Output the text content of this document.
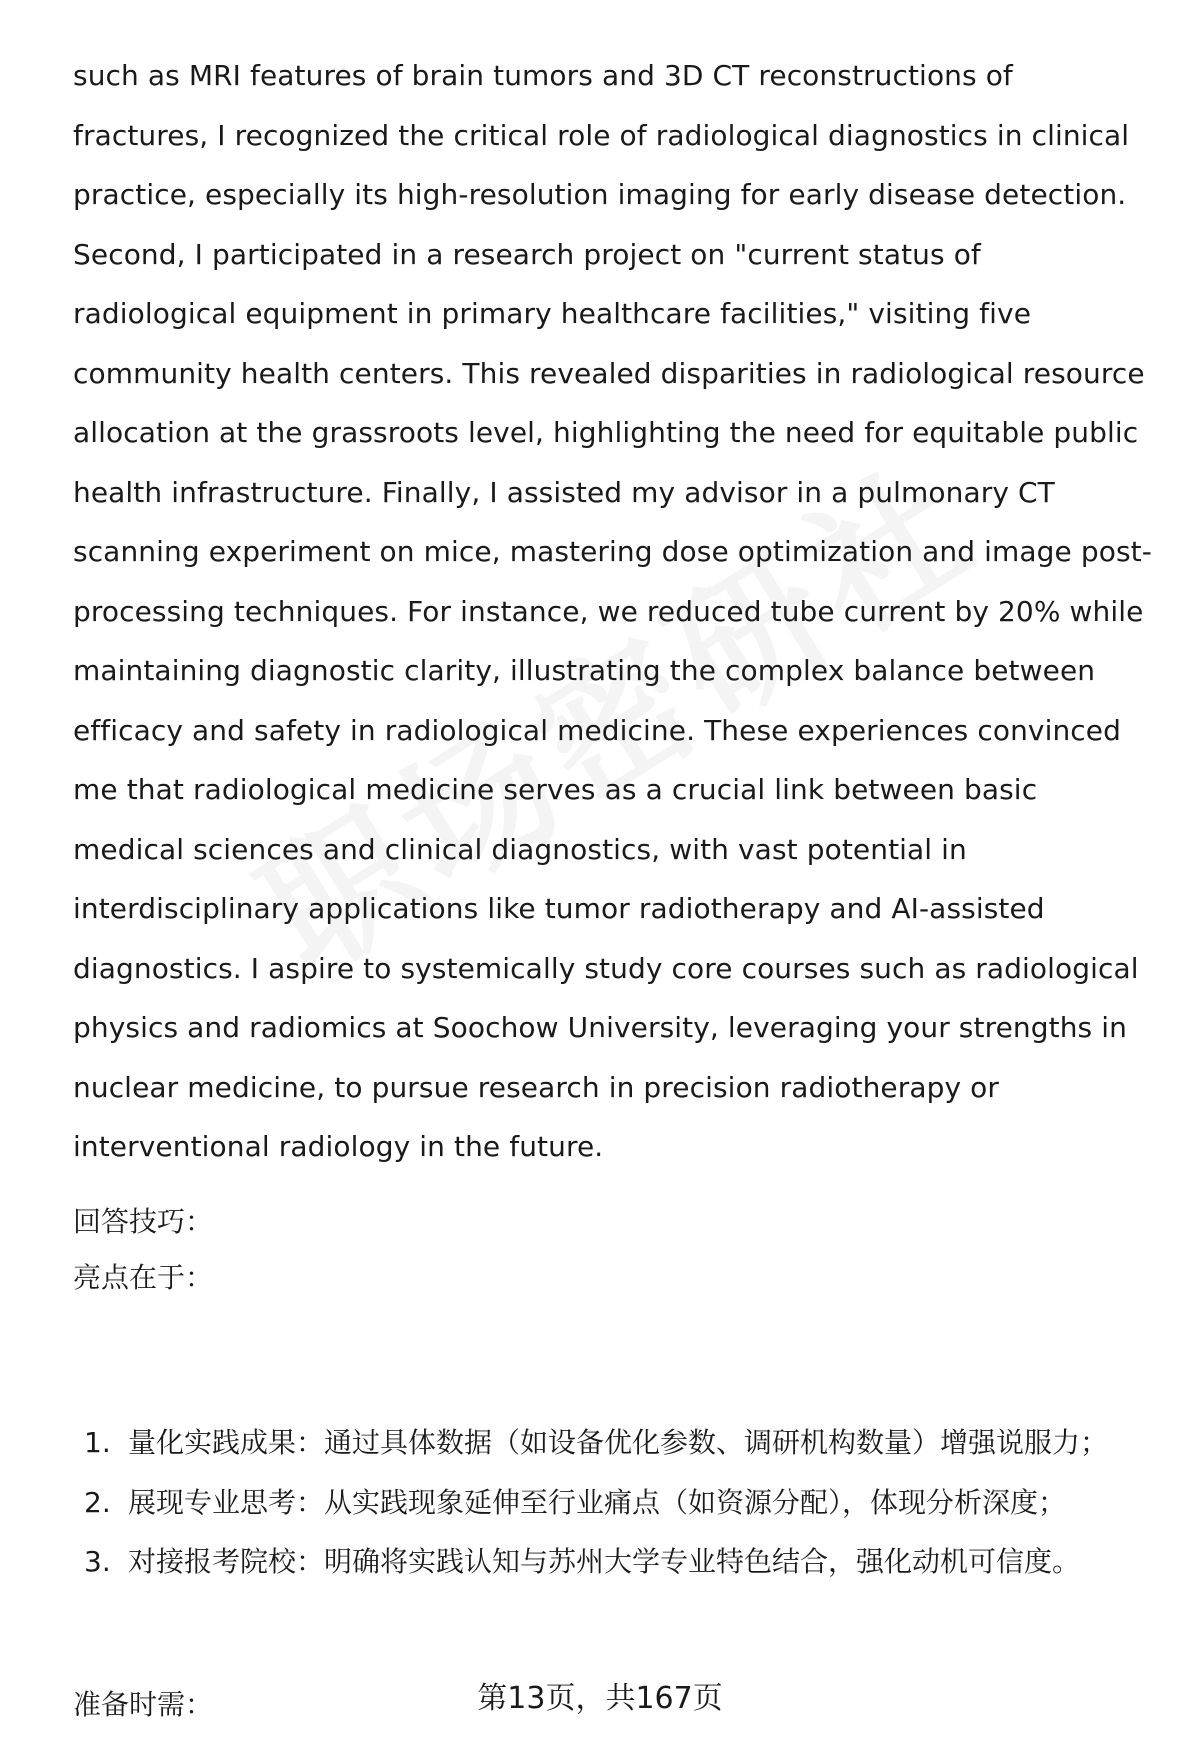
such as MRI features of brain tumors and 3D CT reconstructions of fractures, I recognized the critical role of radiological diagnostics in clinical practice, especially its high-resolution imaging for early disease detection. Second, I participated in a research project on "current status of radiological equipment in primary healthcare facilities," visiting five community health centers. This revealed disparities in radiological resource allocation at the grassroots level, highlighting the need for equitable public health infrastructure. Finally, I assisted my advisor in a pulmonary CT scanning experiment on mice, mastering dose optimization and image post-processing techniques. For instance, we reduced tube current by 20% while maintaining diagnostic clarity, illustrating the complex balance between efficacy and safety in radiological medicine. These experiences convinced me that radiological medicine serves as a crucial link between basic medical sciences and clinical diagnostics, with vast potential in interdisciplinary applications like tumor radiotherapy and AI-assisted diagnostics. I aspire to systemically study core courses such as radiological physics and radiomics at Soochow University, leveraging your strengths in nuclear medicine, to pursue research in precision radiotherapy or interventional radiology in the future.

回答技巧：

亮点在于：

1. 量化实践成果：通过具体数据（如设备优化参数、调研机构数量）增强说服力；
2. 展现专业思考：从实践现象延伸至行业痛点（如资源分配），体现分析深度；
3. 对接报考院校：明确将实践认知与苏州大学专业特色结合，强化动机可信度。

准备时需：	第13页，共167页
